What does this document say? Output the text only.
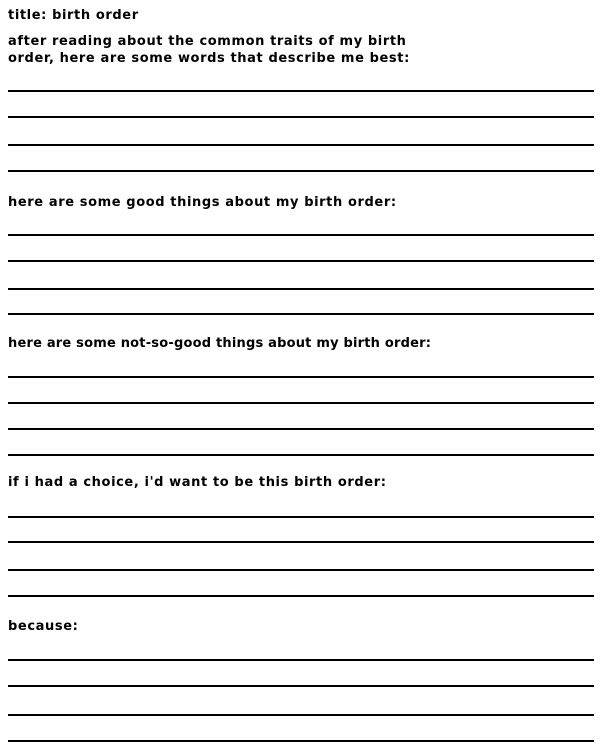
title: birth order

after reading about the common traits of my birth

order, here are some words that describe me best:

here are some good things about my birth order:

here are some not-so-good things about my birth order:

if i had a choice, i'd want to be this birth order:

because:
